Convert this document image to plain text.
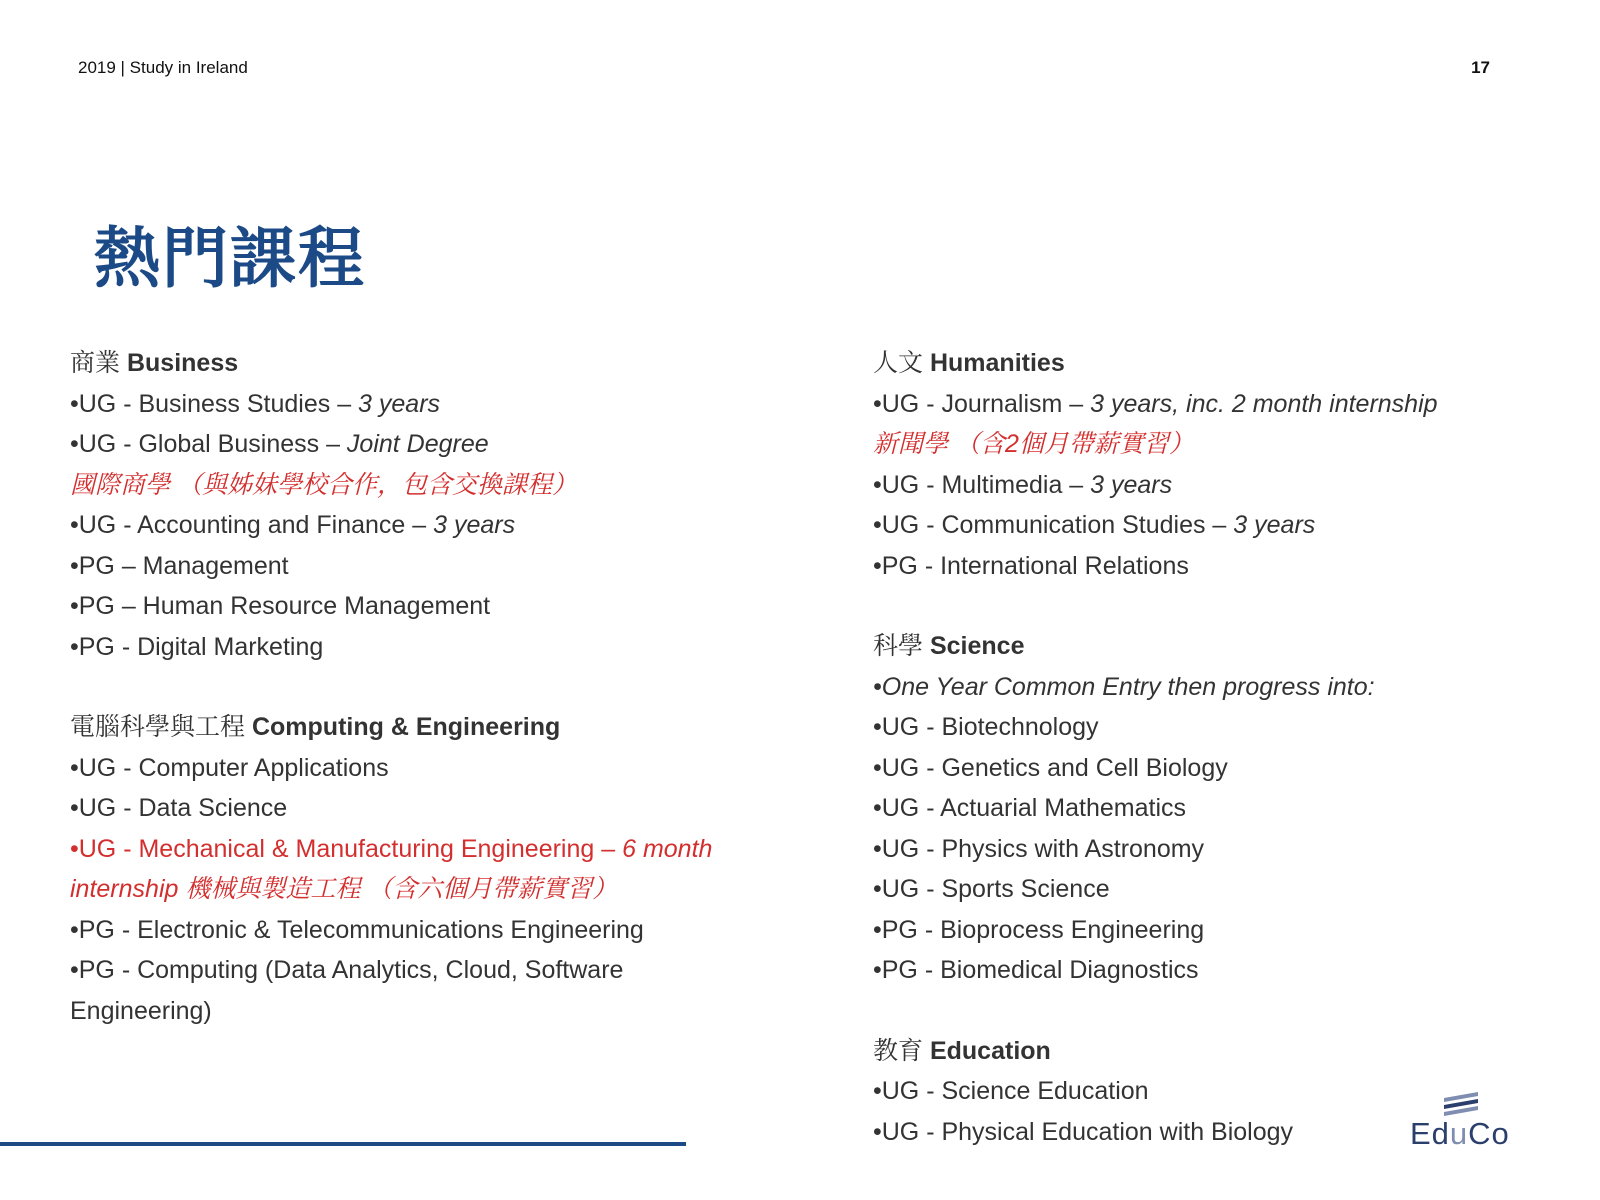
2019 | Study in Ireland	17
熱門課程
商業 Business
•UG - Business Studies – 3 years
•UG - Global Business – Joint Degree
國際商學 （與姊妹學校合作，包含交換課程）
•UG - Accounting and Finance – 3 years
•PG – Management
•PG – Human Resource Management
•PG - Digital Marketing
電腦科學與工程 Computing & Engineering
•UG - Computer Applications
•UG - Data Science
•UG - Mechanical & Manufacturing Engineering – 6 month
internship 機械與製造工程 （含六個月帶薪實習）
•PG - Electronic & Telecommunications Engineering
•PG - Computing (Data Analytics, Cloud, Software
Engineering)
人文 Humanities
•UG - Journalism – 3 years, inc. 2 month internship
新聞學 （含2個月帶薪實習）
•UG - Multimedia – 3 years
•UG - Communication Studies – 3 years
•PG - International Relations
科學 Science
•One Year Common Entry then progress into:
•UG - Biotechnology
•UG - Genetics and Cell Biology
•UG - Actuarial Mathematics
•UG - Physics with Astronomy
•UG - Sports Science
•PG - Bioprocess Engineering
•PG - Biomedical Diagnostics
教育 Education
•UG - Science Education
•UG - Physical Education with Biology	EduCo
